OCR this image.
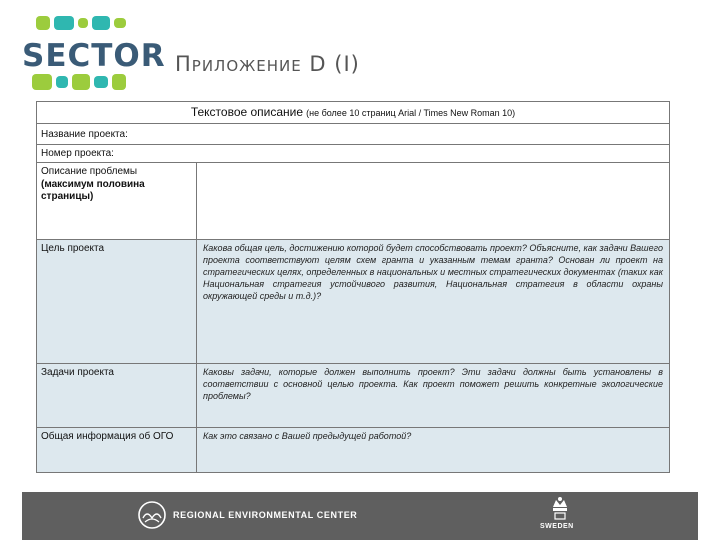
SECTOR Приложение D (I)
Текстовое описание (не более 10 страниц Arial / Times New Roman 10)
Название проекта:
Номер проекта:
Описание проблемы
(максимум половина страницы)
Цель проекта	Какова общая цель, достижению которой будет способствовать проект? Объясните, как задачи Вашего проекта соответствуют целям схем гранта и указанным темам гранта? Основан ли проект на стратегических целях, определенных в национальных и местных стратегических документах (таких как Национальная стратегия устойчивого развития, Национальная стратегия в области охраны окружающей среды и т.д.)?
Задачи проекта	Каковы задачи, которые должен выполнить проект? Эти задачи должны быть установлены в соответствии с основной целью проекта. Как проект поможет решить конкретные экологические проблемы?
Общая информация об ОГО	Как это связано с Вашей предыдущей работой?
REGIONAL ENVIRONMENTAL CENTER
SWEDEN
